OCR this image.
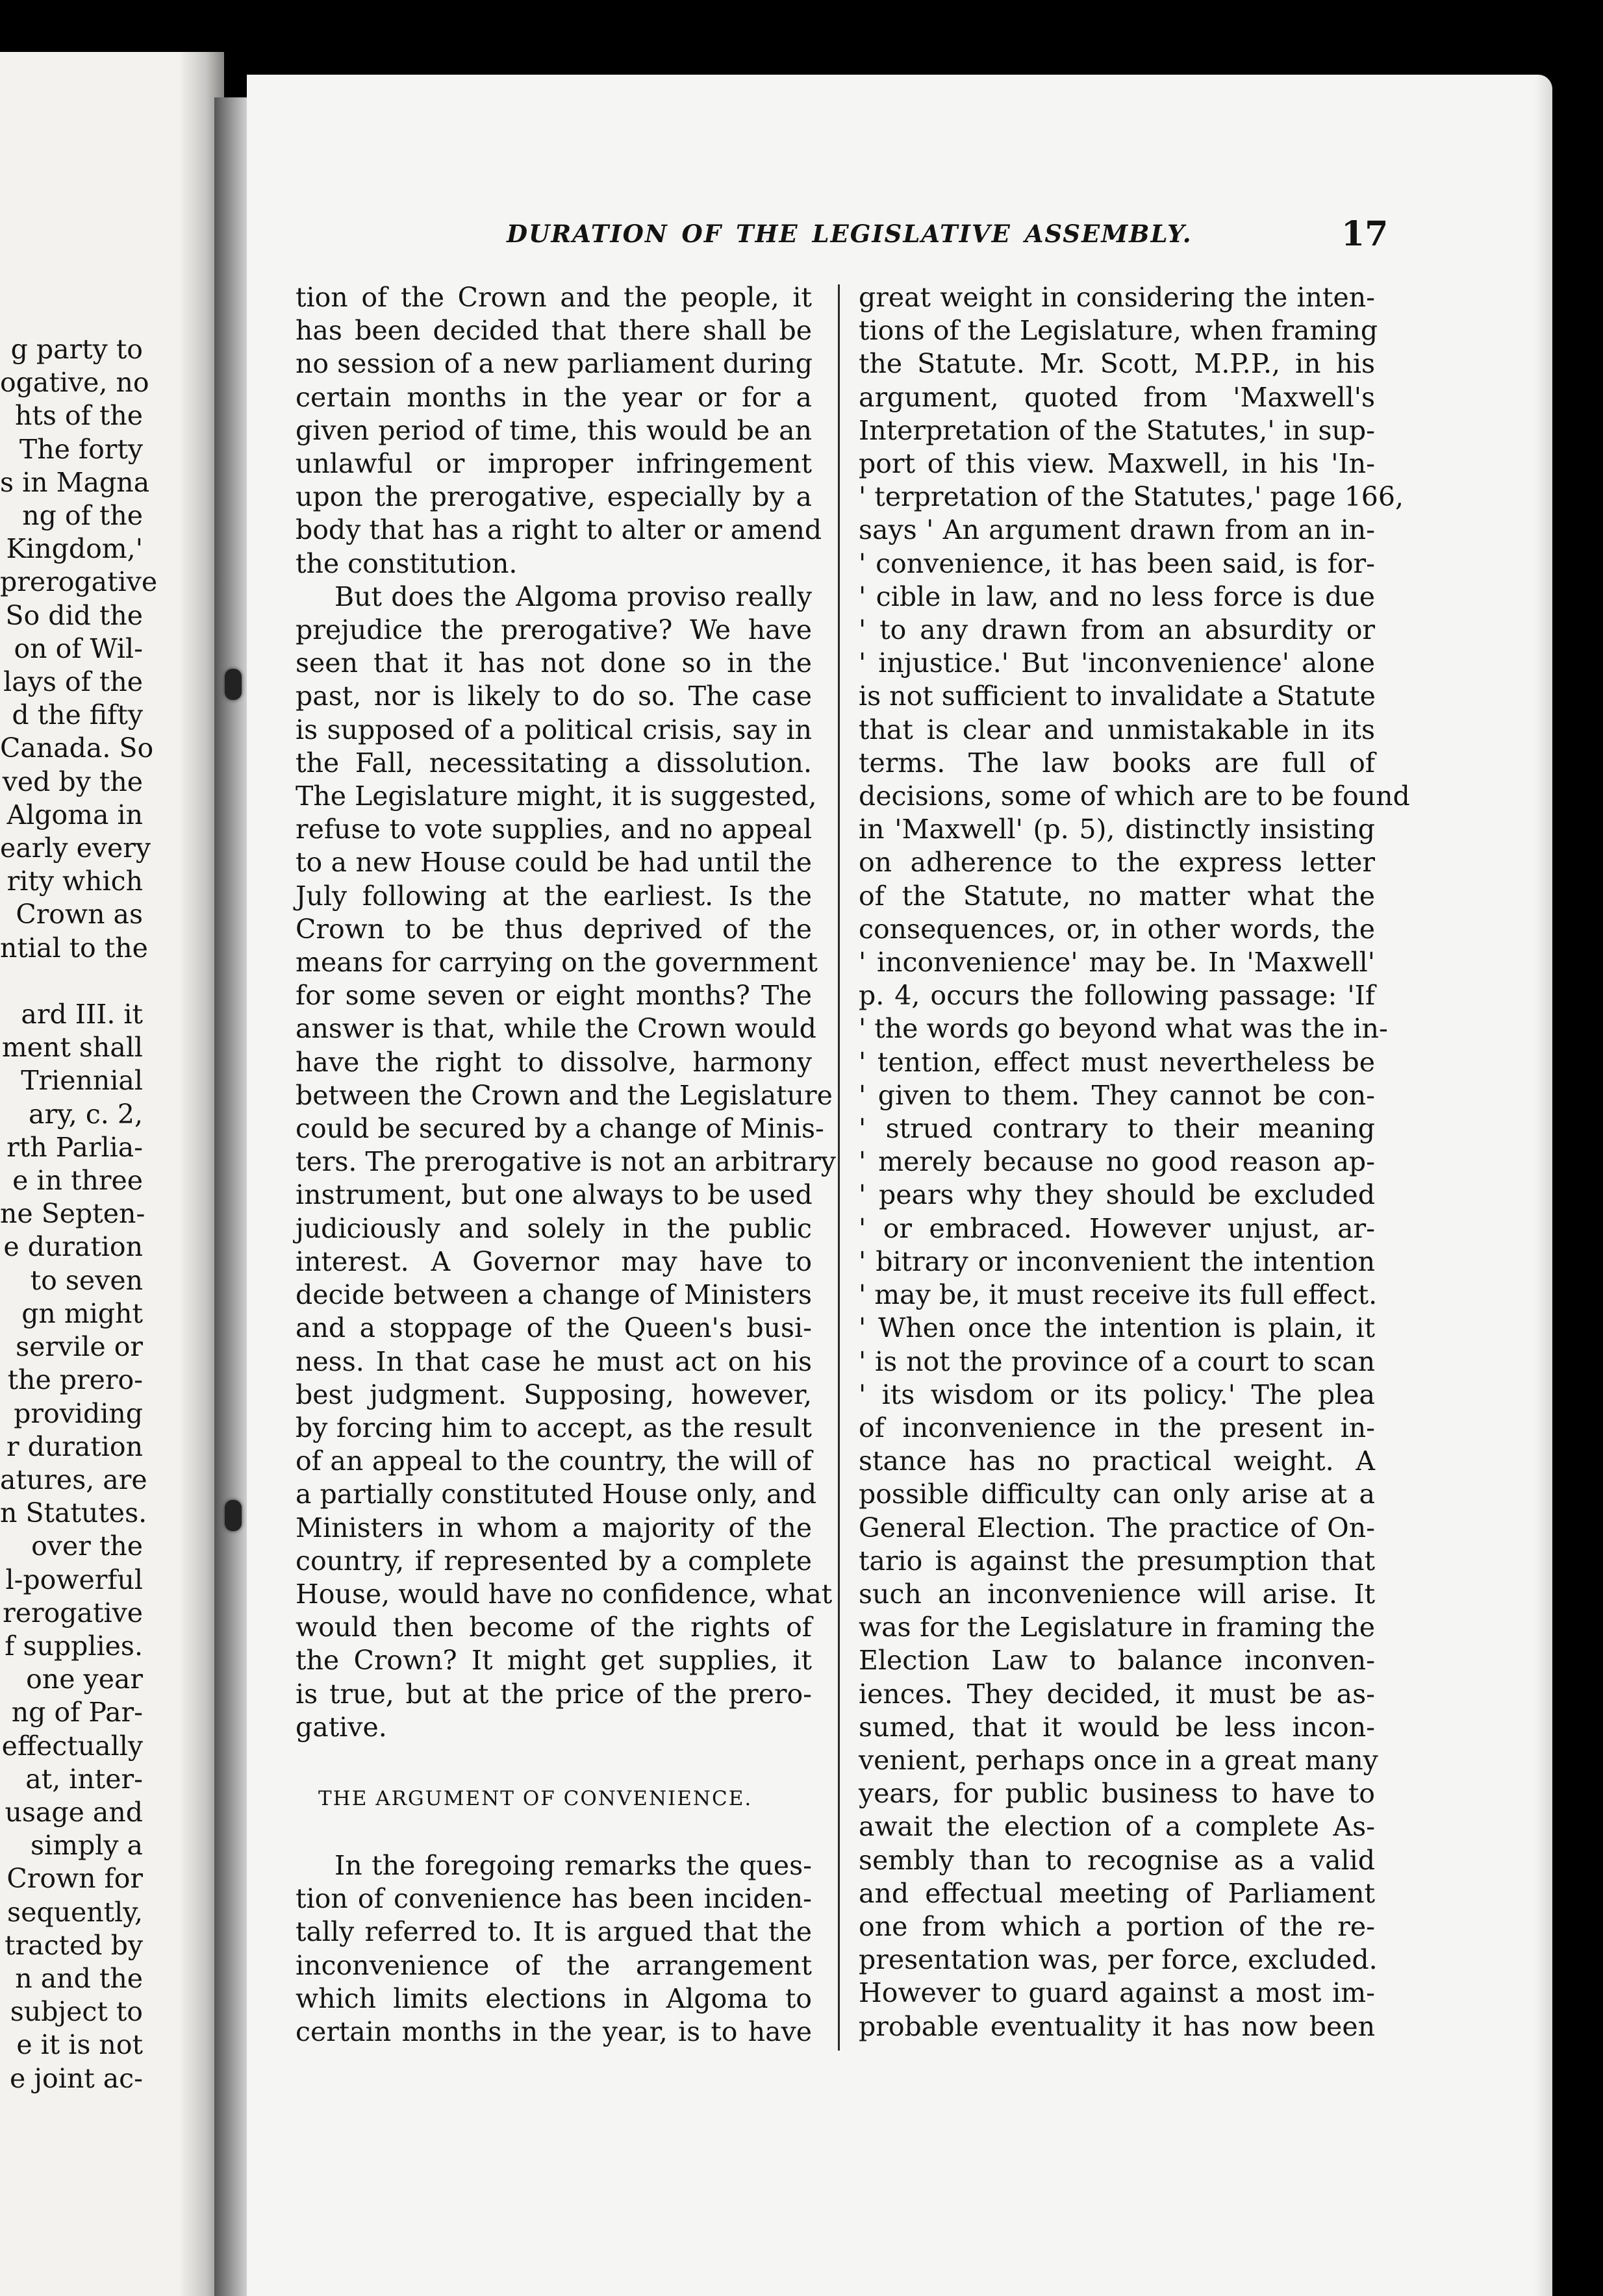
g party to
ogative, no
hts of the
The forty
s in Magna
ng of the
Kingdom,'
prerogative
So did the
on of Wil-
lays of the
d the fifty
Canada. So
ved by the
Algoma in
early every
rity which
Crown as
ntial to the

ard III. it
ment shall
Triennial
ary, c. 2,
rth Parlia-
e in three
ne Septen-
e duration
to seven
gn might
servile or
the prero-
providing
r duration
atures, are
n Statutes.
over the
l-powerful
rerogative
f supplies.
one year
ng of Par-
effectually
at, inter-
usage and
simply a
Crown for
sequently,
tracted by
n and the
subject to
e it is not
e joint ac-
DURATION OF THE LEGISLATIVE ASSEMBLY.	17
tion of the Crown and the people, it
has been decided that there shall be
no session of a new parliament during
certain months in the year or for a
given period of time, this would be an
unlawful or improper infringement
upon the prerogative, especially by a
body that has a right to alter or amend
the constitution.
But does the Algoma proviso really
prejudice the prerogative? We have
seen that it has not done so in the
past, nor is likely to do so. The case
is supposed of a political crisis, say in
the Fall, necessitating a dissolution.
The Legislature might, it is suggested,
refuse to vote supplies, and no appeal
to a new House could be had until the
July following at the earliest. Is the
Crown to be thus deprived of the
means for carrying on the government
for some seven or eight months? The
answer is that, while the Crown would
have the right to dissolve, harmony
between the Crown and the Legislature
could be secured by a change of Minis-
ters. The prerogative is not an arbitrary
instrument, but one always to be used
judiciously and solely in the public
interest. A Governor may have to
decide between a change of Ministers
and a stoppage of the Queen's busi-
ness. In that case he must act on his
best judgment. Supposing, however,
by forcing him to accept, as the result
of an appeal to the country, the will of
a partially constituted House only, and
Ministers in whom a majority of the
country, if represented by a complete
House, would have no confidence, what
would then become of the rights of
the Crown? It might get supplies, it
is true, but at the price of the prero-
gative.
THE ARGUMENT OF CONVENIENCE.
In the foregoing remarks the ques-
tion of convenience has been inciden-
tally referred to. It is argued that the
inconvenience of the arrangement
which limits elections in Algoma to
certain months in the year, is to have
great weight in considering the inten-
tions of the Legislature, when framing
the Statute. Mr. Scott, M.P.P., in his
argument, quoted from 'Maxwell's
Interpretation of the Statutes,' in sup-
port of this view. Maxwell, in his 'In-
' terpretation of the Statutes,' page 166,
says ' An argument drawn from an in-
' convenience, it has been said, is for-
' cible in law, and no less force is due
' to any drawn from an absurdity or
' injustice.' But 'inconvenience' alone
is not sufficient to invalidate a Statute
that is clear and unmistakable in its
terms. The law books are full of
decisions, some of which are to be found
in 'Maxwell' (p. 5), distinctly insisting
on adherence to the express letter
of the Statute, no matter what the
consequences, or, in other words, the
' inconvenience' may be. In 'Maxwell'
p. 4, occurs the following passage: 'If
' the words go beyond what was the in-
' tention, effect must nevertheless be
' given to them. They cannot be con-
' strued contrary to their meaning
' merely because no good reason ap-
' pears why they should be excluded
' or embraced. However unjust, ar-
' bitrary or inconvenient the intention
' may be, it must receive its full effect.
' When once the intention is plain, it
' is not the province of a court to scan
' its wisdom or its policy.' The plea
of inconvenience in the present in-
stance has no practical weight. A
possible difficulty can only arise at a
General Election. The practice of On-
tario is against the presumption that
such an inconvenience will arise. It
was for the Legislature in framing the
Election Law to balance inconven-
iences. They decided, it must be as-
sumed, that it would be less incon-
venient, perhaps once in a great many
years, for public business to have to
await the election of a complete As-
sembly than to recognise as a valid
and effectual meeting of Parliament
one from which a portion of the re-
presentation was, per force, excluded.
However to guard against a most im-
probable eventuality it has now been
